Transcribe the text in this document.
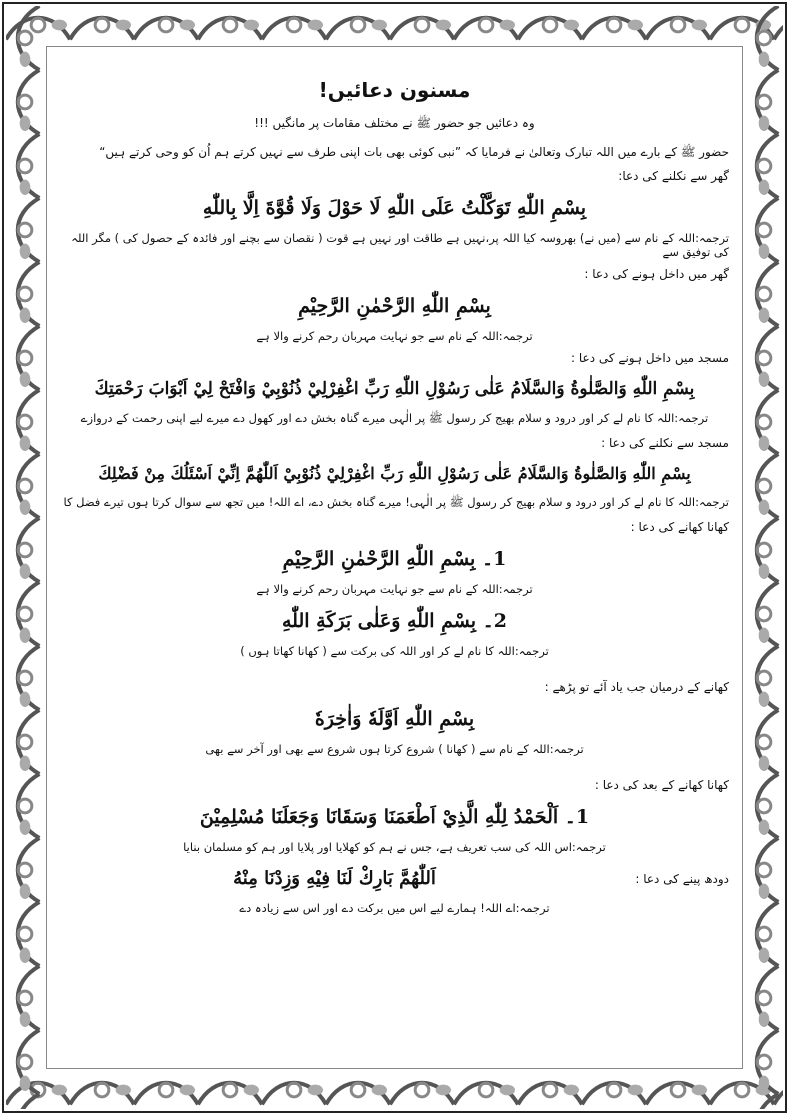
مسنون دعائیں!
وہ دعائیں جو حضور ﷺ نے مختلف مقامات پر مانگیں !!!
حضور ﷺ کے بارے میں اللہ تبارک وتعالیٰ نے فرمایا کہ ”نبی کوئی بھی بات اپنی طرف سے نہیں کرتے ہم اُن کو وحی کرتے ہیں“
گھر سے نکلنے کی دعا:
بِسْمِ اللّٰهِ تَوَكَّلْتُ عَلَى اللّٰهِ لَا حَوْلَ وَلَا قُوَّةَ اِلَّا بِاللّٰهِ
ترجمہ:اللہ کے نام سے (میں نے) بھروسہ کیا اللہ پر،نہیں ہے طاقت اور نہیں ہے قوت ( نقصان سے بچنے اور فائدہ کے حصول کی ) مگر اللہ کی توفیق سے
گھر میں داخل ہونے کی دعا :
بِسْمِ اللّٰهِ الرَّحْمٰنِ الرَّحِيْمِ
ترجمہ:اللہ کے نام سے جو نہایت مہربان رحم کرنے والا ہے
مسجد میں داخل ہونے کی دعا :
بِسْمِ اللّٰهِ وَالصَّلٰوةُ وَالسَّلَامُ عَلٰى رَسُوْلِ اللّٰهِ رَبِّ اغْفِرْلِيْ ذُنُوْبِيْ وَافْتَحْ لِيْ اَبْوَابَ رَحْمَتِكَ
ترجمہ:اللہ کا نام لے کر اور درود و سلام بھیج کر رسول ﷺ پر الٰہی میرے گناہ بخش دے اور کھول دے میرے لیے اپنی رحمت کے دروازے
مسجد سے نکلنے کی دعا :
بِسْمِ اللّٰهِ وَالصَّلٰوةُ وَالسَّلَامُ عَلٰى رَسُوْلِ اللّٰهِ رَبِّ اغْفِرْلِيْ ذُنُوْبِيْ اَللّٰهُمَّ اِنِّيْ اَسْئَلُكَ مِنْ فَضْلِكَ
ترجمہ:اللہ کا نام لے کر اور درود و سلام بھیج کر رسول ﷺ پر الٰہی! میرے گناہ بخش دے، اے اللہ! میں تجھ سے سوال کرتا ہوں تیرے فضل کا
کھانا کھانے کی دعا :
1۔ بِسْمِ اللّٰهِ الرَّحْمٰنِ الرَّحِيْمِ
ترجمہ:اللہ کے نام سے جو نہایت مہربان رحم کرنے والا ہے
2۔ بِسْمِ اللّٰهِ وَعَلٰى بَرَكَةِ اللّٰهِ
ترجمہ:اللہ کا نام لے کر اور اللہ کی برکت سے ( کھانا کھاتا ہوں )
کھانے کے درمیان جب یاد آئے تو پڑھے :
بِسْمِ اللّٰهِ اَوَّلَهٗ وَاٰخِرَهٗ
ترجمہ:اللہ کے نام سے ( کھانا ) شروع کرتا ہوں شروع سے بھی اور آخر سے بھی
کھانا کھانے کے بعد کی دعا :
1۔ اَلْحَمْدُ لِلّٰهِ الَّذِيْ اَطْعَمَنَا وَسَقَانَا وَجَعَلَنَا مُسْلِمِيْنَ
ترجمہ:اس اللہ کی سب تعریف ہے، جس نے ہم کو کھلایا اور پلایا اور ہم کو مسلمان بنایا
دودھ پینے کی دعا :
اَللّٰهُمَّ بَارِكْ لَنَا فِيْهِ وَزِدْنَا مِنْهُ
ترجمہ:اے اللہ! ہمارے لیے اس میں برکت دے اور اس سے زیادہ دے
